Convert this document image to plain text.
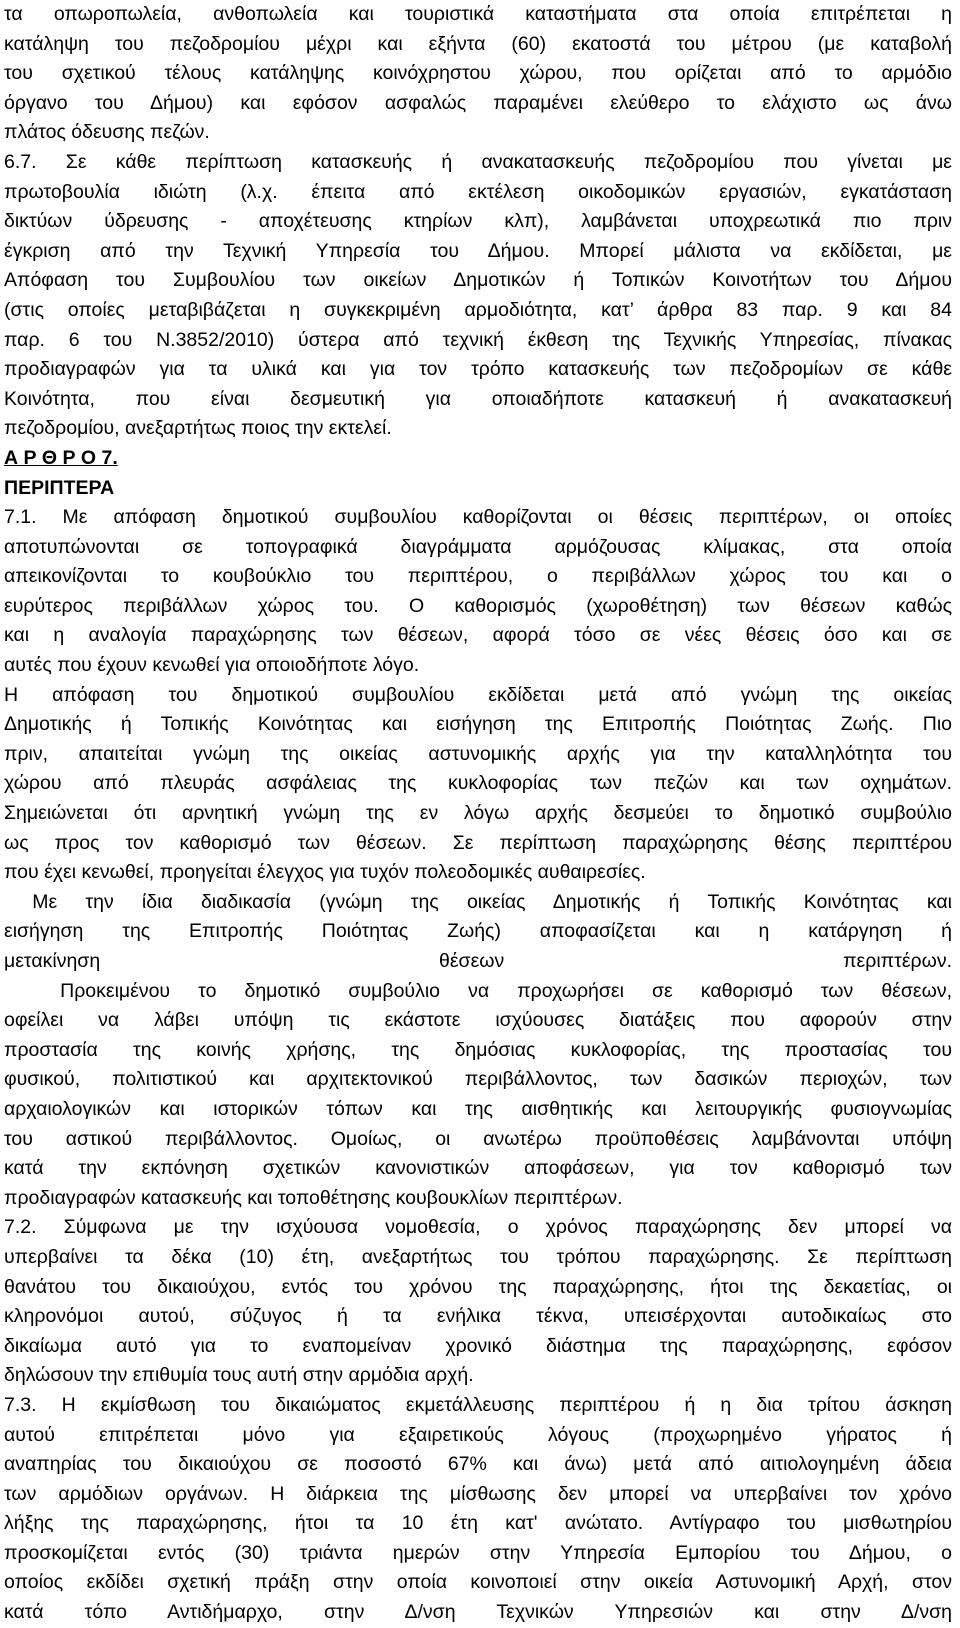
τα οπωροπωλεία, ανθοπωλεία και τουριστικά καταστήματα στα οποία επιτρέπεται η
κατάληψη του πεζοδρομίου μέχρι και εξήντα (60) εκατοστά του μέτρου (με καταβολή
του σχετικού τέλους κατάληψης κοινόχρηστου χώρου, που ορίζεται από το αρμόδιο
όργανο του Δήμου) και εφόσον ασφαλώς παραμένει ελεύθερο το ελάχιστο ως άνω
πλάτος όδευσης πεζών.
6.7. Σε κάθε περίπτωση κατασκευής ή ανακατασκευής πεζοδρομίου που γίνεται με
πρωτοβουλία ιδιώτη (λ.χ. έπειτα από εκτέλεση οικοδομικών εργασιών, εγκατάσταση
δικτύων ύδρευσης - αποχέτευσης κτηρίων κλπ), λαμβάνεται υποχρεωτικά πιο πριν
έγκριση από την Τεχνική Υπηρεσία του Δήμου. Μπορεί μάλιστα να εκδίδεται, με
Απόφαση του Συμβουλίου των οικείων Δημοτικών ή Τοπικών Κοινοτήτων του Δήμου
(στις οποίες μεταβιβάζεται η συγκεκριμένη αρμοδιότητα, κατ’ άρθρα 83 παρ. 9 και 84
παρ. 6 του Ν.3852/2010) ύστερα από τεχνική έκθεση της Τεχνικής Υπηρεσίας, πίνακας
προδιαγραφών για τα υλικά και για τον τρόπο κατασκευής των πεζοδρομίων σε κάθε
Κοινότητα, που είναι δεσμευτική για οποιαδήποτε κατασκευή ή ανακατασκευή
πεζοδρομίου, ανεξαρτήτως ποιος την εκτελεί.
Α Ρ Θ Ρ Ο 7.
ΠΕΡΙΠΤΕΡΑ
7.1. Με απόφαση δημοτικού συμβουλίου καθορίζονται οι θέσεις περιπτέρων, οι οποίες
αποτυπώνονται σε τοπογραφικά διαγράμματα αρμόζουσας κλίμακας, στα οποία
απεικονίζονται το κουβούκλιο του περιπτέρου, ο περιβάλλων χώρος του και ο
ευρύτερος περιβάλλων χώρος του. Ο καθορισμός (χωροθέτηση) των θέσεων καθώς
και η αναλογία παραχώρησης των θέσεων, αφορά τόσο σε νέες θέσεις όσο και σε
αυτές που έχουν κενωθεί για οποιοδήποτε λόγο.
Η απόφαση του δημοτικού συμβουλίου εκδίδεται μετά από γνώμη της οικείας
Δημοτικής ή Τοπικής Κοινότητας και εισήγηση της Επιτροπής Ποιότητας Ζωής. Πιο
πριν, απαιτείται γνώμη της οικείας αστυνομικής αρχής για την καταλληλότητα του
χώρου από πλευράς ασφάλειας της κυκλοφορίας των πεζών και των οχημάτων.
Σημειώνεται ότι αρνητική γνώμη της εν λόγω αρχής δεσμεύει το δημοτικό συμβούλιο
ως προς τον καθορισμό των θέσεων. Σε περίπτωση παραχώρησης θέσης περιπτέρου
που έχει κενωθεί, προηγείται έλεγχος για τυχόν πολεοδομικές αυθαιρεσίες.
Με την ίδια διαδικασία (γνώμη της οικείας Δημοτικής ή Τοπικής Κοινότητας και
εισήγηση της Επιτροπής Ποιότητας Ζωής) αποφασίζεται και η κατάργηση ή
μετακίνηση θέσεων περιπτέρων.
Προκειμένου το δημοτικό συμβούλιο να προχωρήσει σε καθορισμό των θέσεων,
οφείλει να λάβει υπόψη τις εκάστοτε ισχύουσες διατάξεις που αφορούν στην
προστασία της κοινής χρήσης, της δημόσιας κυκλοφορίας, της προστασίας του
φυσικού, πολιτιστικού και αρχιτεκτονικού περιβάλλοντος, των δασικών περιοχών, των
αρχαιολογικών και ιστορικών τόπων και της αισθητικής και λειτουργικής φυσιογνωμίας
του αστικού περιβάλλοντος. Ομοίως, οι ανωτέρω προϋποθέσεις λαμβάνονται υπόψη
κατά την εκπόνηση σχετικών κανονιστικών αποφάσεων, για τον καθορισμό των
προδιαγραφών κατασκευής και τοποθέτησης κουβουκλίων περιπτέρων.
7.2. Σύμφωνα με την ισχύουσα νομοθεσία, ο χρόνος παραχώρησης δεν μπορεί να
υπερβαίνει τα δέκα (10) έτη, ανεξαρτήτως του τρόπου παραχώρησης. Σε περίπτωση
θανάτου του δικαιούχου, εντός του χρόνου της παραχώρησης, ήτοι της δεκαετίας, οι
κληρονόμοι αυτού, σύζυγος ή τα ενήλικα τέκνα, υπεισέρχονται αυτοδικαίως στο
δικαίωμα αυτό για το εναπομείναν χρονικό διάστημα της παραχώρησης, εφόσον
δηλώσουν την επιθυμία τους αυτή στην αρμόδια αρχή.
7.3. Η εκμίσθωση του δικαιώματος εκμετάλλευσης περιπτέρου ή η δια τρίτου άσκηση
αυτού επιτρέπεται μόνο για εξαιρετικούς λόγους (προχωρημένο γήρατος ή
αναπηρίας του δικαιούχου σε ποσοστό 67% και άνω) μετά από αιτιολογημένη άδεια
των αρμόδιων οργάνων. Η διάρκεια της μίσθωσης δεν μπορεί να υπερβαίνει τον χρόνο
λήξης της παραχώρησης, ήτοι τα 10 έτη κατ' ανώτατο. Αντίγραφο του μισθωτηρίου
προσκομίζεται εντός (30) τριάντα ημερών στην Υπηρεσία Εμπορίου του Δήμου, ο
οποίος εκδίδει σχετική πράξη στην οποία κοινοποιεί στην οικεία Αστυνομική Αρχή, στον
κατά τόπο Αντιδήμαρχο, στην Δ/νση Τεχνικών Υπηρεσιών και στην Δ/νση
